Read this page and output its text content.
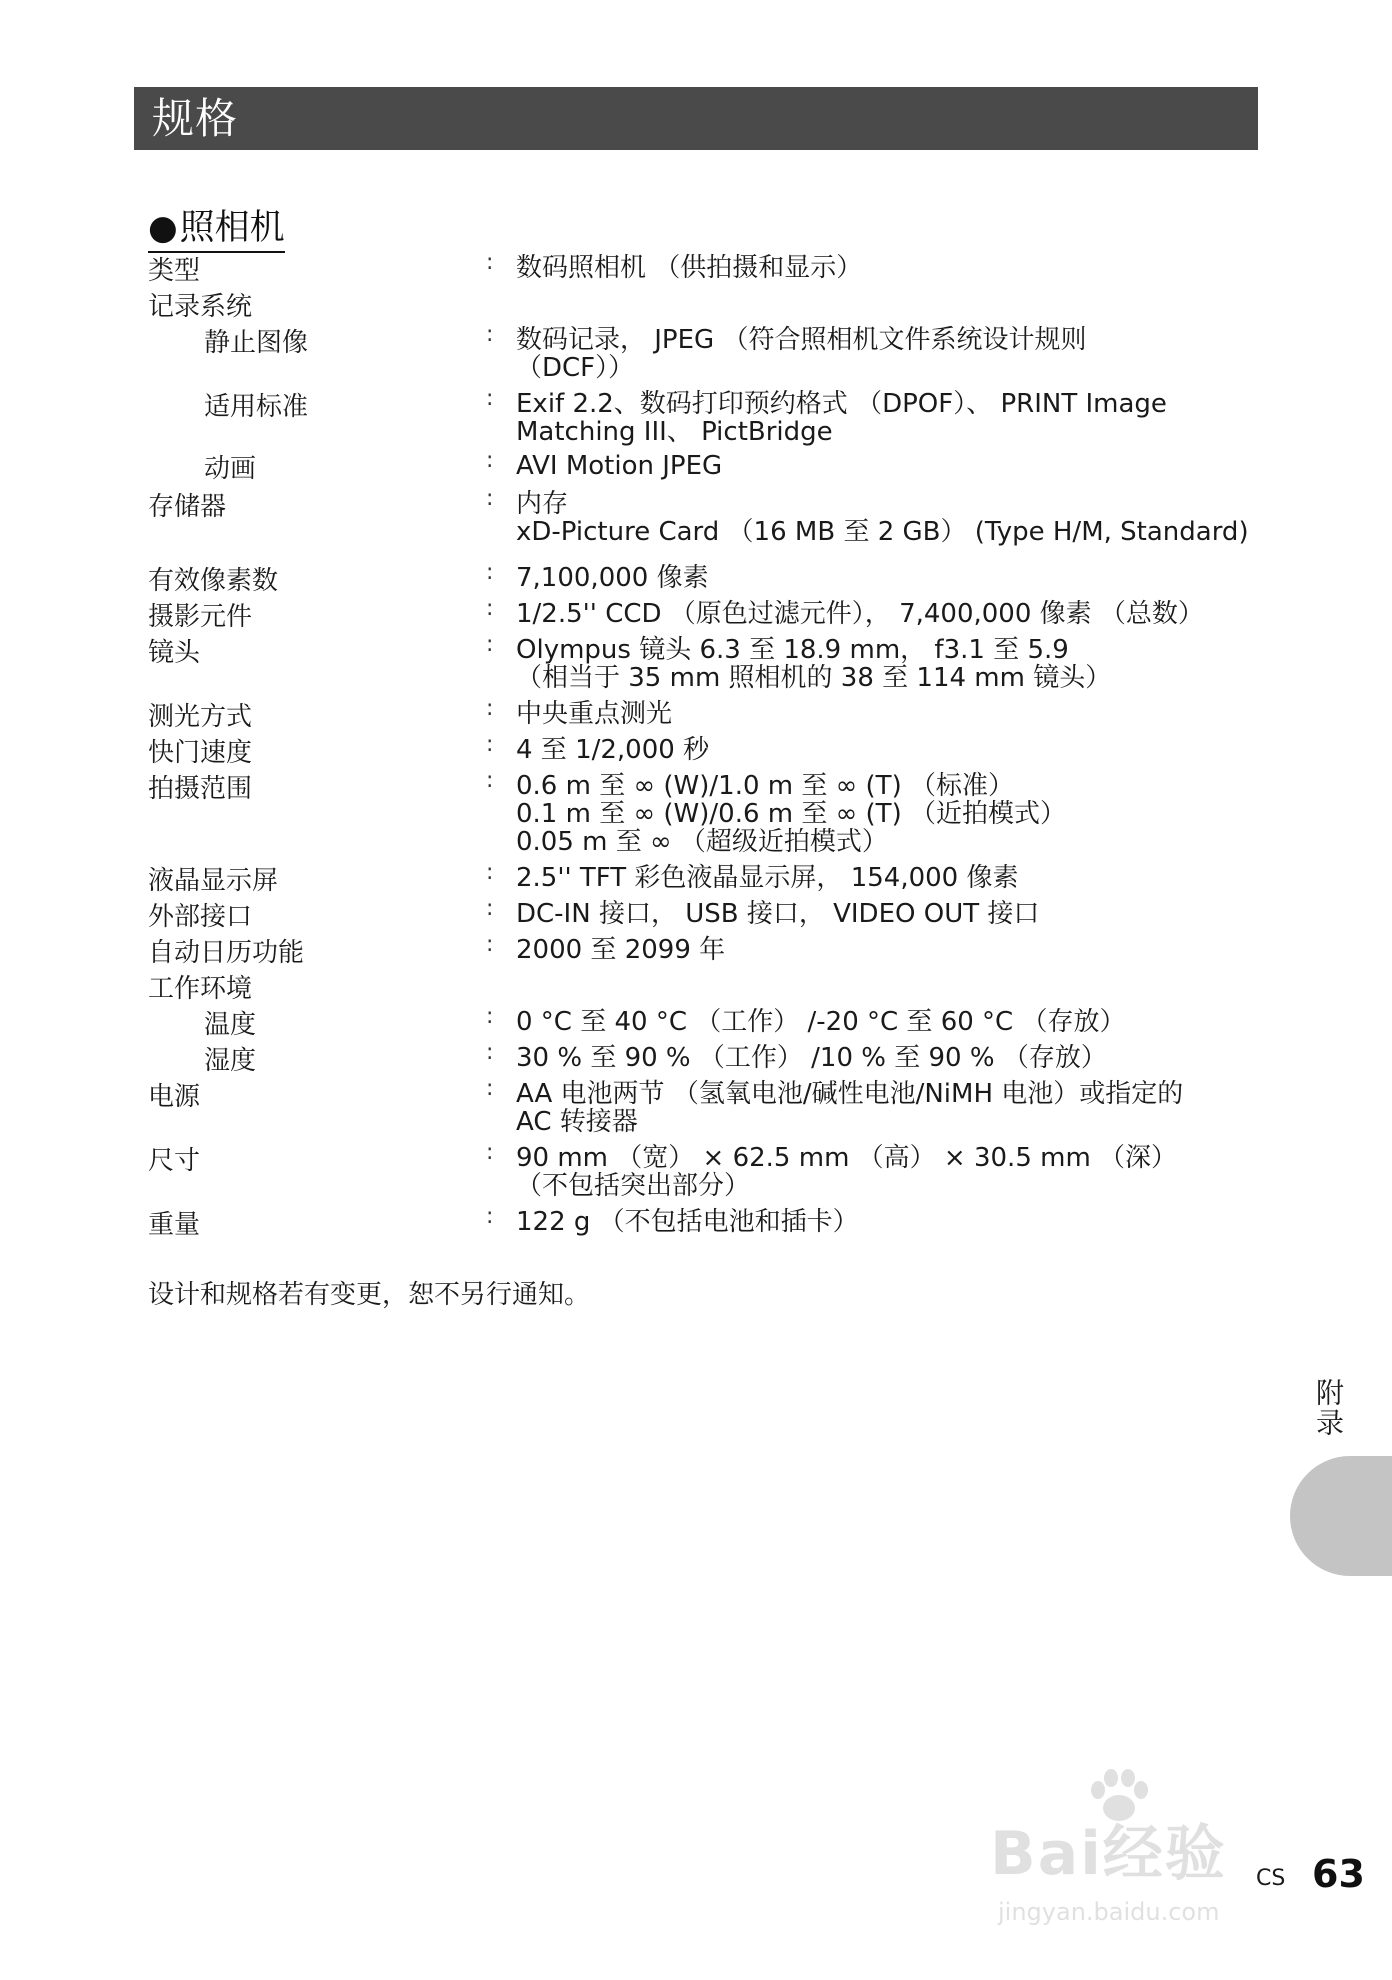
规格
●照相机
类型	: 数码照相机 （供拍摄和显示）
记录系统
静止图像	: 数码记录， JPEG （符合照相机文件系统设计规则
（DCF））
适用标准	: Exif 2.2、数码打印预约格式 （DPOF）、 PRINT Image
Matching III、 PictBridge
动画	: AVI Motion JPEG
存储器	: 内存
xD-Picture Card （16 MB 至 2 GB） (Type H/M, Standard)
有效像素数	: 7,100,000 像素
摄影元件	: 1/2.5'' CCD （原色过滤元件）， 7,400,000 像素 （总数）
镜头	: Olympus 镜头 6.3 至 18.9 mm， f3.1 至 5.9
（相当于 35 mm 照相机的 38 至 114 mm 镜头）
测光方式	: 中央重点测光
快门速度	: 4 至 1/2,000 秒
拍摄范围	: 0.6 m 至 ∞ (W)/1.0 m 至 ∞ (T) （标准）
0.1 m 至 ∞ (W)/0.6 m 至 ∞ (T) （近拍模式）
0.05 m 至 ∞ （超级近拍模式）
液晶显示屏	: 2.5'' TFT 彩色液晶显示屏， 154,000 像素
外部接口	: DC-IN 接口， USB 接口， VIDEO OUT 接口
自动日历功能	: 2000 至 2099 年
工作环境
温度	: 0 °C 至 40 °C （工作） /-20 °C 至 60 °C （存放）
湿度	: 30 % 至 90 % （工作） /10 % 至 90 % （存放）
电源	: AA 电池两节 （氢氧电池/碱性电池/NiMH 电池）或指定的
AC 转接器
尺寸	: 90 mm （宽） × 62.5 mm （高） × 30.5 mm （深）
（不包括突出部分）
重量	: 122 g （不包括电池和插卡）
设计和规格若有变更，恕不另行通知。
附录
Bai经验
jingyan.baidu.com
CS 63
